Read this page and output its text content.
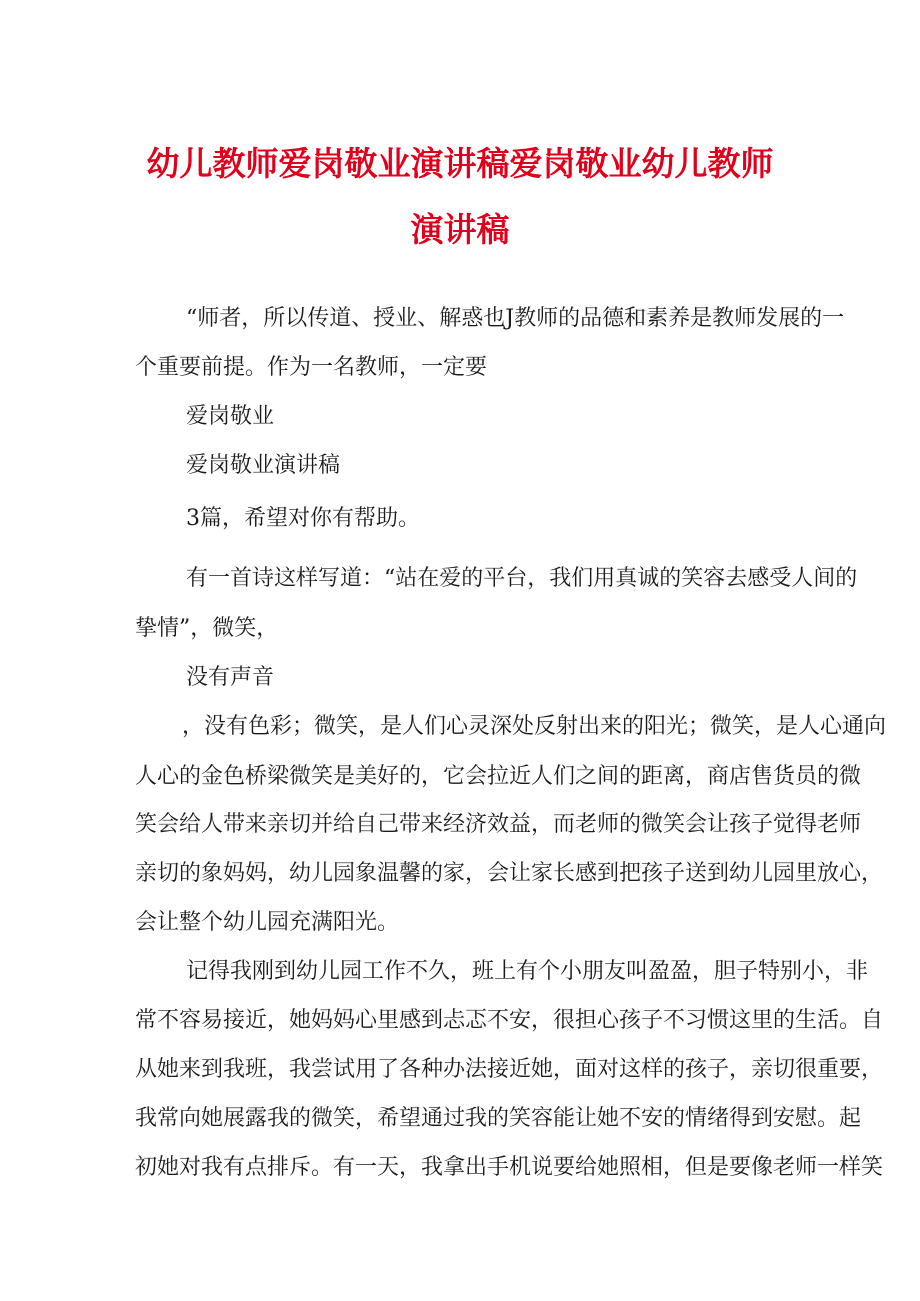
幼儿教师爱岗敬业演讲稿爱岗敬业幼儿教师
演讲稿
“师者，所以传道、授业、解惑也J教师的品德和素养是教师发展的一
个重要前提。作为一名教师，一定要
爱岗敬业
爱岗敬业演讲稿
3篇，希望对你有帮助。
有一首诗这样写道：“站在爱的平台，我们用真诚的笑容去感受人间的
挚情”，微笑，
没有声音
，没有色彩；微笑，是人们心灵深处反射出来的阳光；微笑，是人心通向
人心的金色桥梁微笑是美好的，它会拉近人们之间的距离，商店售货员的微
笑会给人带来亲切并给自己带来经济效益，而老师的微笑会让孩子觉得老师
亲切的象妈妈，幼儿园象温馨的家，会让家长感到把孩子送到幼儿园里放心，
会让整个幼儿园充满阳光。
记得我刚到幼儿园工作不久，班上有个小朋友叫盈盈，胆子特别小，非
常不容易接近，她妈妈心里感到忐忑不安，很担心孩子不习惯这里的生活。自
从她来到我班，我尝试用了各种办法接近她，面对这样的孩子，亲切很重要，
我常向她展露我的微笑，希望通过我的笑容能让她不安的情绪得到安慰。起
初她对我有点排斥。有一天，我拿出手机说要给她照相，但是要像老师一样笑
